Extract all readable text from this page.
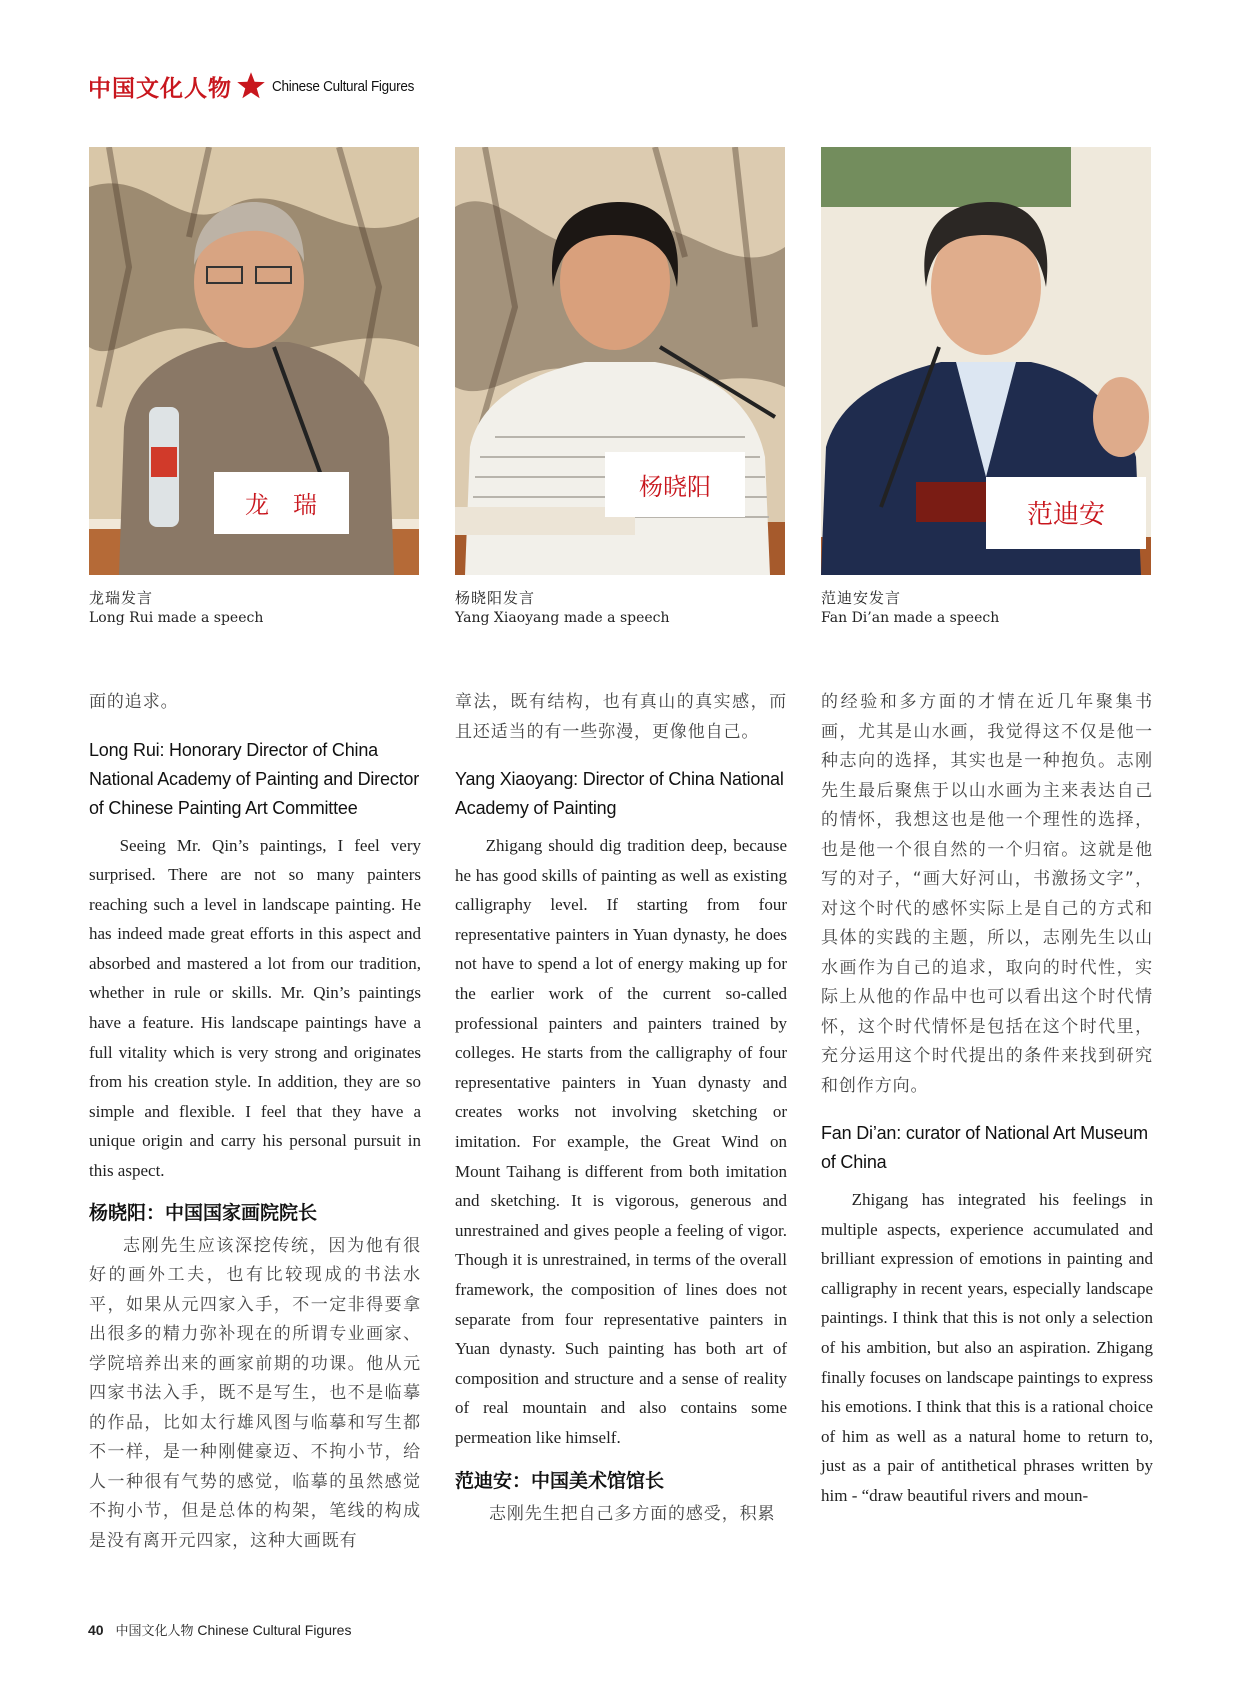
中国文化人物	Chinese Cultural Figures
龙　瑞
杨晓阳
范迪安
龙瑞发言
Long Rui made a speech
杨晓阳发言
Yang Xiaoyang made a speech
范迪安发言
Fan Di’an made a speech

面的追求。

Long Rui: Honorary Director of China National Academy of Painting and Director of Chinese Painting Art Committee

Seeing Mr. Qin’s paintings, I feel very surprised. There are not so many painters reaching such a level in landscape painting. He has indeed made great efforts in this aspect and absorbed and mastered a lot from our tradition, whether in rule or skills. Mr. Qin’s paintings have a feature. His landscape paintings have a full vitality which is very strong and originates from his creation style. In addition, they are so simple and flexible. I feel that they have a unique origin and carry his personal pursuit in this aspect.

杨晓阳：中国国家画院院长

志刚先生应该深挖传统，因为他有很好的画外工夫，也有比较现成的书法水平，如果从元四家入手，不一定非得要拿出很多的精力弥补现在的所谓专业画家、学院培养出来的画家前期的功课。他从元四家书法入手，既不是写生，也不是临摹的作品，比如太行雄风图与临摹和写生都不一样，是一种刚健豪迈、不拘小节，给人一种很有气势的感觉，临摹的虽然感觉不拘小节，但是总体的构架，笔线的构成是没有离开元四家，这种大画既有

章法，既有结构，也有真山的真实感，而且还适当的有一些弥漫，更像他自己。

Yang Xiaoyang: Director of China National Academy of Painting

Zhigang should dig tradition deep, because he has good skills of painting as well as existing calligraphy level. If starting from four representative painters in Yuan dynasty, he does not have to spend a lot of energy making up for the earlier work of the current so-called professional painters and painters trained by colleges. He starts from the calligraphy of four representative painters in Yuan dynasty and creates works not involving sketching or imitation. For example, the Great Wind on Mount Taihang is different from both imitation and sketching. It is vigorous, generous and unrestrained and gives people a feeling of vigor. Though it is unrestrained, in terms of the overall framework, the composition of lines does not separate from four representative painters in Yuan dynasty. Such painting has both art of composition and structure and a sense of reality of real mountain and also contains some permeation like himself.

范迪安：中国美术馆馆长

志刚先生把自己多方面的感受，积累

的经验和多方面的才情在近几年聚集书画，尤其是山水画，我觉得这不仅是他一种志向的选择，其实也是一种抱负。志刚先生最后聚焦于以山水画为主来表达自己的情怀，我想这也是他一个理性的选择，也是他一个很自然的一个归宿。这就是他写的对子，“画大好河山，书激扬文字”，对这个时代的感怀实际上是自己的方式和具体的实践的主题，所以，志刚先生以山水画作为自己的追求，取向的时代性，实际上从他的作品中也可以看出这个时代情怀，这个时代情怀是包括在这个时代里，充分运用这个时代提出的条件来找到研究和创作方向。

Fan Di’an: curator of National Art Museum of China

Zhigang has integrated his feelings in multiple aspects, experience accumulated and brilliant expression of emotions in painting and calligraphy in recent years, especially landscape paintings. I think that this is not only a selection of his ambition, but also an aspiration. Zhigang finally focuses on landscape paintings to express his emotions. I think that this is a rational choice of him as well as a natural home to return to, just as a pair of antithetical phrases written by him - “draw beautiful rivers and moun-

40 中国文化人物 Chinese Cultural Figures
